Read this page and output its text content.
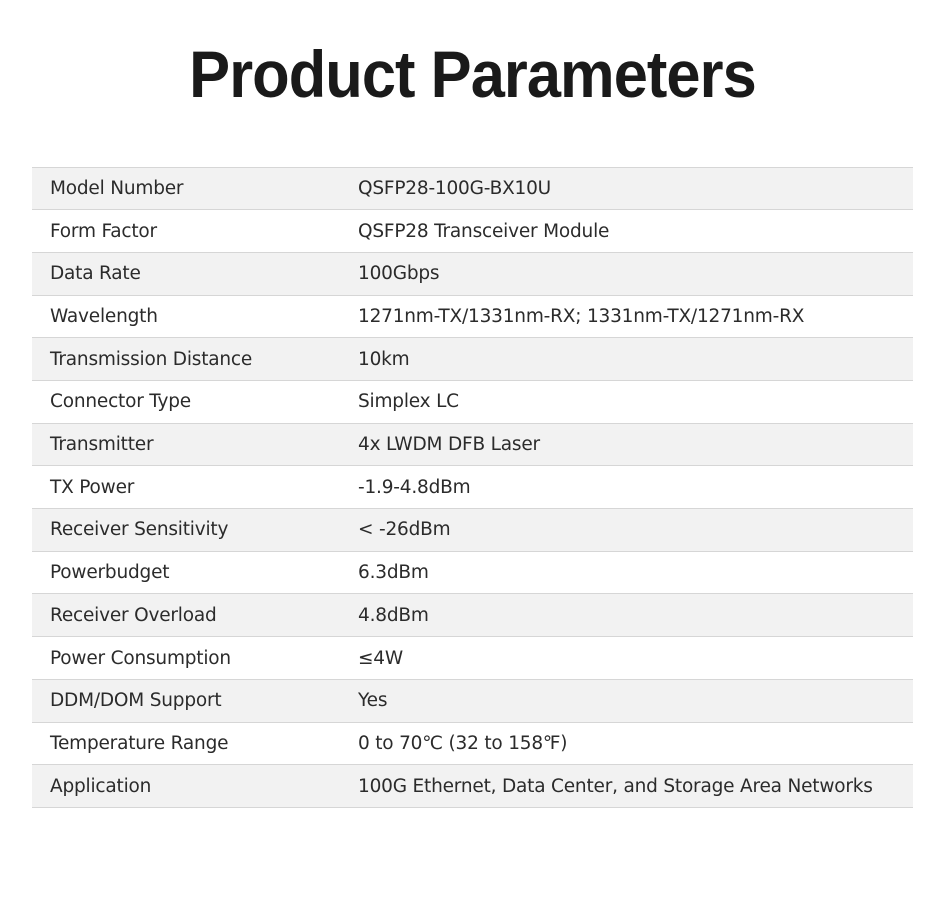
Product Parameters
Model Number	QSFP28-100G-BX10U
Form Factor	QSFP28 Transceiver Module
Data Rate	100Gbps
Wavelength	1271nm-TX/1331nm-RX; 1331nm-TX/1271nm-RX
Transmission Distance	10km
Connector Type	Simplex LC
Transmitter	4x LWDM DFB Laser
TX Power	-1.9-4.8dBm
Receiver Sensitivity	< -26dBm
Powerbudget	6.3dBm
Receiver Overload	4.8dBm
Power Consumption	≤4W
DDM/DOM Support	Yes
Temperature Range	0 to 70℃ (32 to 158℉)
Application	100G Ethernet, Data Center, and Storage Area Networks
